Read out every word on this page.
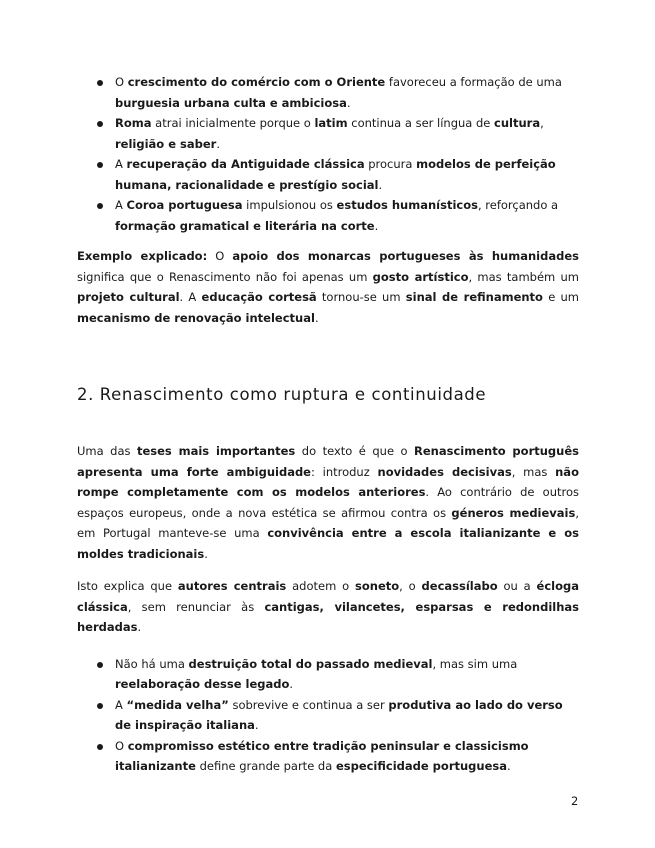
O crescimento do comércio com o Oriente favoreceu a formação de uma burguesia urbana culta e ambiciosa.
Roma atrai inicialmente porque o latim continua a ser língua de cultura, religião e saber.
A recuperação da Antiguidade clássica procura modelos de perfeição humana, racionalidade e prestígio social.
A Coroa portuguesa impulsionou os estudos humanísticos, reforçando a formação gramatical e literária na corte.

Exemplo explicado: O apoio dos monarcas portugueses às humanidades significa que o Renascimento não foi apenas um gosto artístico, mas também um projeto cultural. A educação cortesã tornou-se um sinal de refinamento e um mecanismo de renovação intelectual.

2. Renascimento como ruptura e continuidade

Uma das teses mais importantes do texto é que o Renascimento português apresenta uma forte ambiguidade: introduz novidades decisivas, mas não rompe completamente com os modelos anteriores. Ao contrário de outros espaços europeus, onde a nova estética se afirmou contra os géneros medievais, em Portugal manteve-se uma convivência entre a escola italianizante e os moldes tradicionais.

Isto explica que autores centrais adotem o soneto, o decassílabo ou a écloga clássica, sem renunciar às cantigas, vilancetes, esparsas e redondilhas herdadas.

Não há uma destruição total do passado medieval, mas sim uma reelaboração desse legado.
A “medida velha” sobrevive e continua a ser produtiva ao lado do verso de inspiração italiana.
O compromisso estético entre tradição peninsular e classicismo italianizante define grande parte da especificidade portuguesa.
2
